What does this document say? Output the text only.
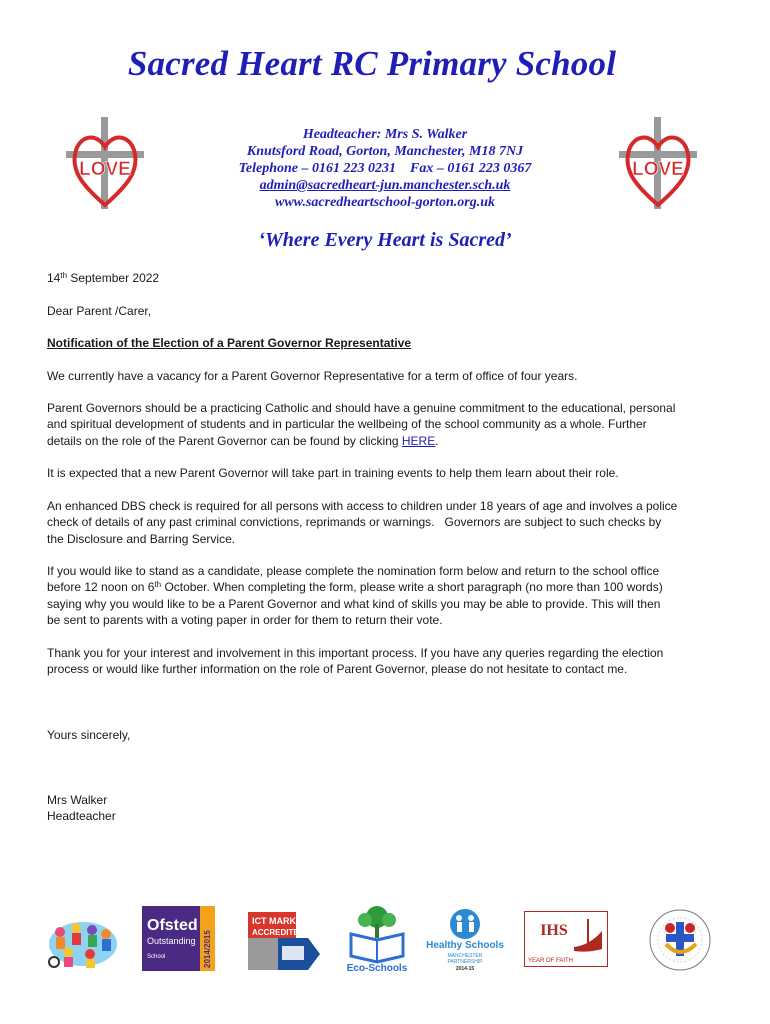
Sacred Heart RC Primary School
LOVE	LOVE
Headteacher: Mrs S. Walker
Knutsford Road, Gorton, Manchester, M18 7NJ
Telephone – 0161 223 0231    Fax – 0161 223 0367
admin@sacredheart-jun.manchester.sch.uk
www.sacredheartschool-gorton.org.uk
‘Where Every Heart is Sacred’

14th September 2022

Dear Parent /Carer,
Notification of the Election of a Parent Governor Representative
We currently have a vacancy for a Parent Governor Representative for a term of office of four years.

Parent Governors should be a practicing Catholic and should have a genuine commitment to the educational, personal

and spiritual development of students and in particular the wellbeing of the school community as a whole. Further

details on the role of the Parent Governor can be found by clicking HERE.

It is expected that a new Parent Governor will take part in training events to help them learn about their role.

An enhanced DBS check is required for all persons with access to children under 18 years of age and involves a police

check of details of any past criminal convictions, reprimands or warnings.   Governors are subject to such checks by

the Disclosure and Barring Service.

If you would like to stand as a candidate, please complete the nomination form below and return to the school office

before 12 noon on 6th October. When completing the form, please write a short paragraph (no more than 100 words)

saying why you would like to be a Parent Governor and what kind of skills you may be able to provide. This will then

be sent to parents with a voting paper in order for them to return their vote.

Thank you for your interest and involvement in this important process. If you have any queries regarding the election

process or would like further information on the role of Parent Governor, please do not hesitate to contact me.

Yours sincerely,

Mrs Walker

Headteacher

Ofsted
Outstanding
School	2014/2015
ICT MARK
ACCREDITED
Eco-Schools
Healthy Schools
MANCHESTER
PARTNERSHIP
2014-15
IHS
YEAR OF FAITH
